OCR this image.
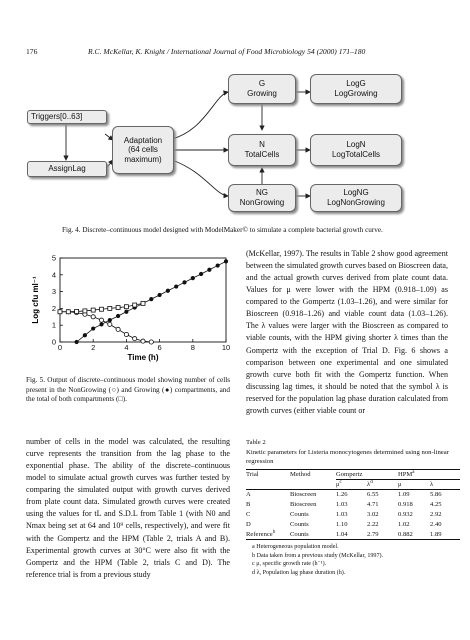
176	R.C. McKellar, K. Knight / International Journal of Food Microbiology 54 (2000) 171–180
Triggers[0..63]
AssignLag
Adaptation
(64 cells
maximum)
G
Growing
N
TotalCells
NG
NonGrowing
LogG
LogGrowing
LogN
LogTotalCells
LogNG
LogNonGrowing
Fig. 4. Discrete–continuous model designed with ModelMaker© to simulate a complete bacterial growth curve.
0	2	4	6	8	10
0
1
2
3
4
5
Log cfu ml⁻¹
Time (h)
Fig. 5. Output of discrete–continuous model showing number of cells present in the NonGrowing (○) and Growing (●) compartments, and the total of both compartments (□).
(McKellar, 1997). The results in Table 2 show good agreement between the simulated growth curves based on Bioscreen data, and the actual growth curves derived from plate count data. Values for μ were lower with the HPM (0.918–1.09) as compared to the Gompertz (1.03–1.26), and were similar for Bioscreen (0.918–1.26) and viable count data (1.03–1.26). The λ values were larger with the Bioscreen as compared to viable counts, with the HPM giving shorter λ times than the Gompertz with the exception of Trial D. Fig. 6 shows a comparison between one experimental and one simulated growth curve both fit with the Gompertz function. When discussing lag times, it should be noted that the symbol λ is reserved for the population lag phase duration calculated from growth curves (either viable count or
number of cells in the model was calculated, the resulting curve represents the transition from the lag phase to the exponential phase. The ability of the discrete–continuous model to simulate actual growth curves was further tested by comparing the simulated output with growth curves derived from plate count data. Simulated growth curves were created using the values for tL and S.D.L from Table 1 (with N0 and Nmax being set at 64 and 10⁹ cells, respectively), and were fit with the Gompertz and the HPM (Table 2, trials A and B). Experimental growth curves at 30°C were also fit with the Gompertz and the HPM (Table 2, trials C and D). The reference trial is from a previous study
Table 2
Kinetic parameters for Listeria monocytogenes determined using non-linear regression
Trial	Method	Gompertz		HPM$^a$
		$\mu^c$	$\lambda^d$	μ	λ
A	Bioscreen	1.26	6.55	1.09	5.86
B	Bioscreen	1.03	4.71	0.918	4.25
C	Counts	1.03	3.02	0.932	2.92
D	Counts	1.10	2.22	1.02	2.40
Reference$^b$	Counts	1.04	2.79	0.882	1.89
a Heterogeneous population model.
b Data taken from a previous study (McKellar, 1997).
c μ, specific growth rate (h⁻¹).
d λ, Population lag phase duration (h).
